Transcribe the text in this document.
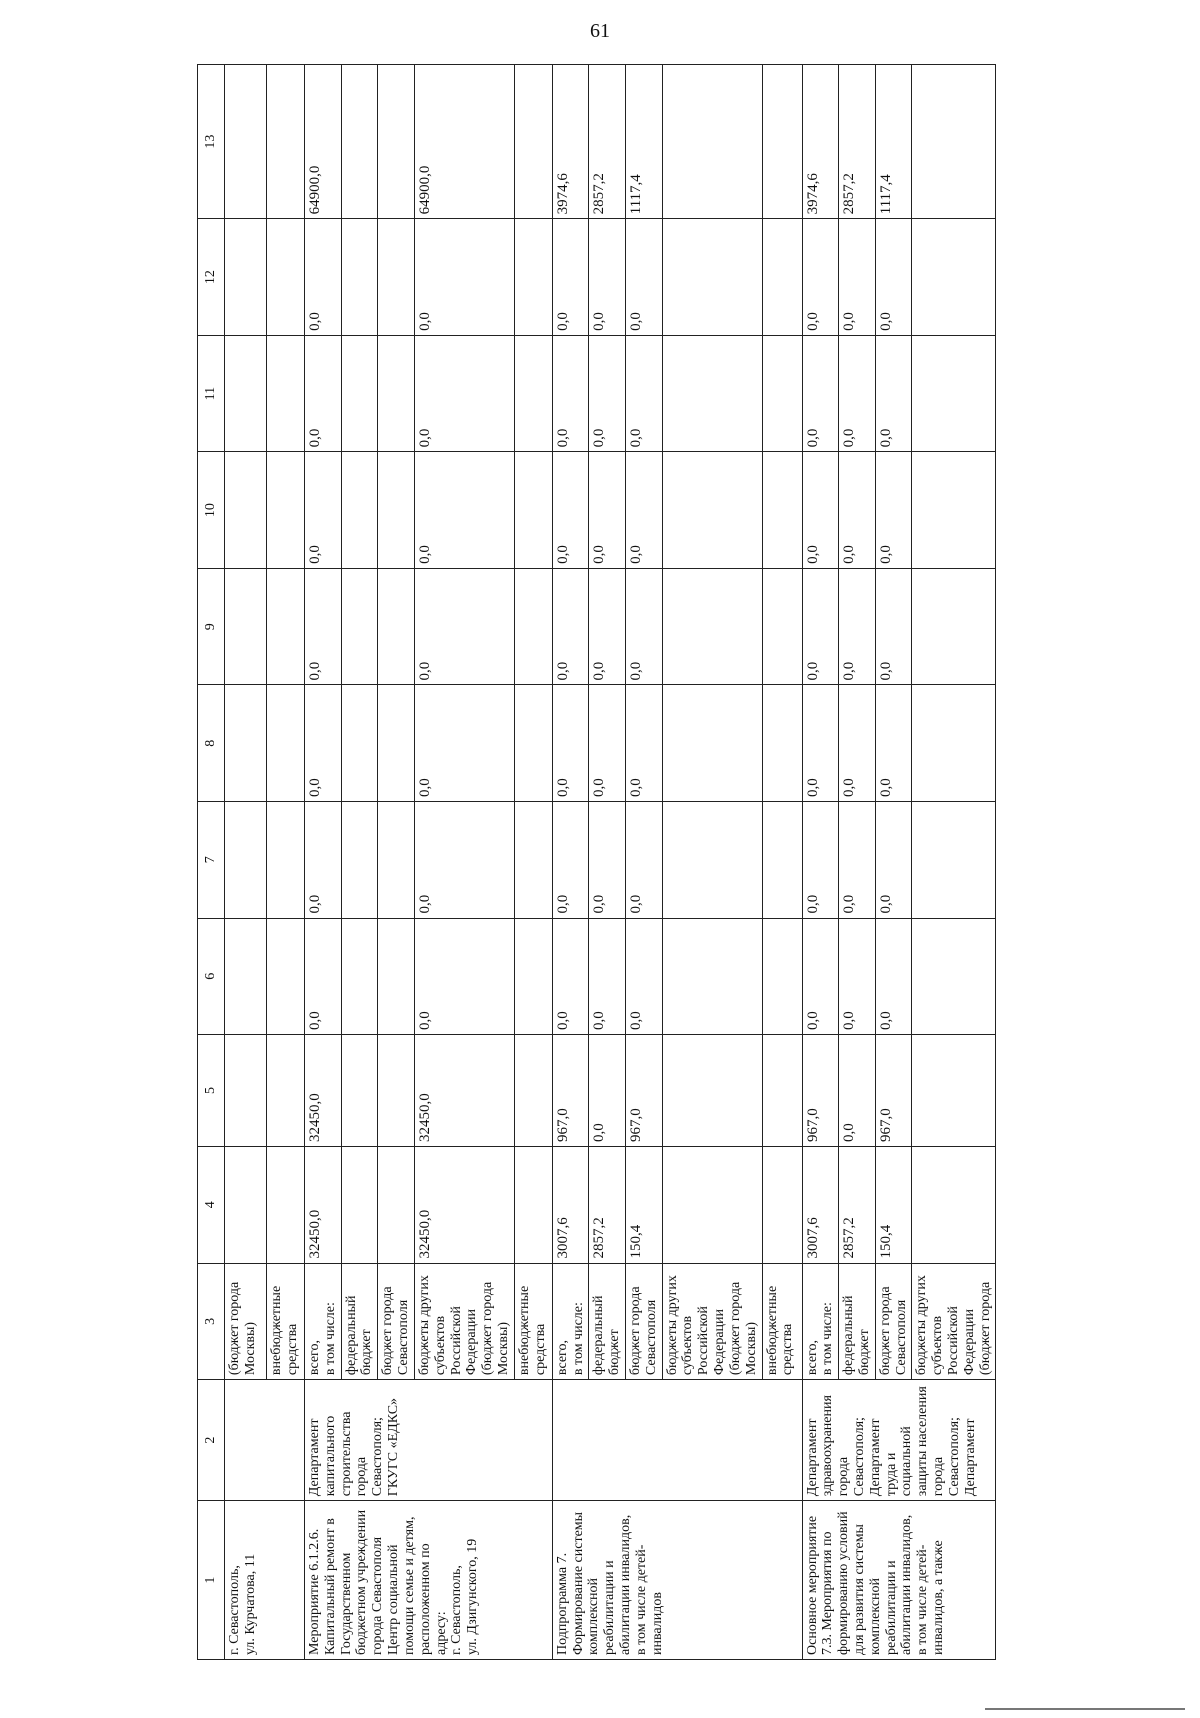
61
1	2	3	4	5	6	7	8	9	10	11	12	13
г. Севастополь,
ул. Курчатова, 11		(бюджет города Москвы)										
		внебюджетные средства										
Мероприятие 6.1.2.6. Капитальный ремонт в Государственном бюджетном учреждении города Севастополя Центр социальной помощи семье и детям, расположенном по адресу:
г. Севастополь,
ул. Дзигунского, 19	Департамент капитального строительства города Севастополя; ГКУГС «ЕДКС»	всего,
в том числе:	32450,0	32450,0	0,0	0,0	0,0	0,0	0,0	0,0	0,0	64900,0
		федеральный бюджет										
		бюджет города Севастополя										
		бюджеты других субъектов Российской Федерации (бюджет города Москвы)	32450,0	32450,0	0,0	0,0	0,0	0,0	0,0	0,0	0,0	64900,0
		внебюджетные средства										
Подпрограмма 7. Формирование системы комплексной реабилитации и абилитации инвалидов, в том числе детей-инвалидов		всего,
в том числе:	3007,6	967,0	0,0	0,0	0,0	0,0	0,0	0,0	0,0	3974,6
		федеральный бюджет	2857,2	0,0	0,0	0,0	0,0	0,0	0,0	0,0	0,0	2857,2
		бюджет города Севастополя	150,4	967,0	0,0	0,0	0,0	0,0	0,0	0,0	0,0	1117,4
		бюджеты других субъектов Российской Федерации (бюджет города Москвы)										
		внебюджетные средства										
Основное мероприятие 7.3. Мероприятия по формированию условий для развития системы комплексной реабилитации и абилитации инвалидов, в том числе детей-инвалидов, а также	Департамент здравоохранения города Севастополя; Департамент труда и социальной защиты населения города Севастополя; Департамент	всего,
в том числе:	3007,6	967,0	0,0	0,0	0,0	0,0	0,0	0,0	0,0	3974,6
		федеральный бюджет	2857,2	0,0	0,0	0,0	0,0	0,0	0,0	0,0	0,0	2857,2
		бюджет города Севастополя	150,4	967,0	0,0	0,0	0,0	0,0	0,0	0,0	0,0	1117,4
		бюджеты других субъектов Российской Федерации (бюджет города										
